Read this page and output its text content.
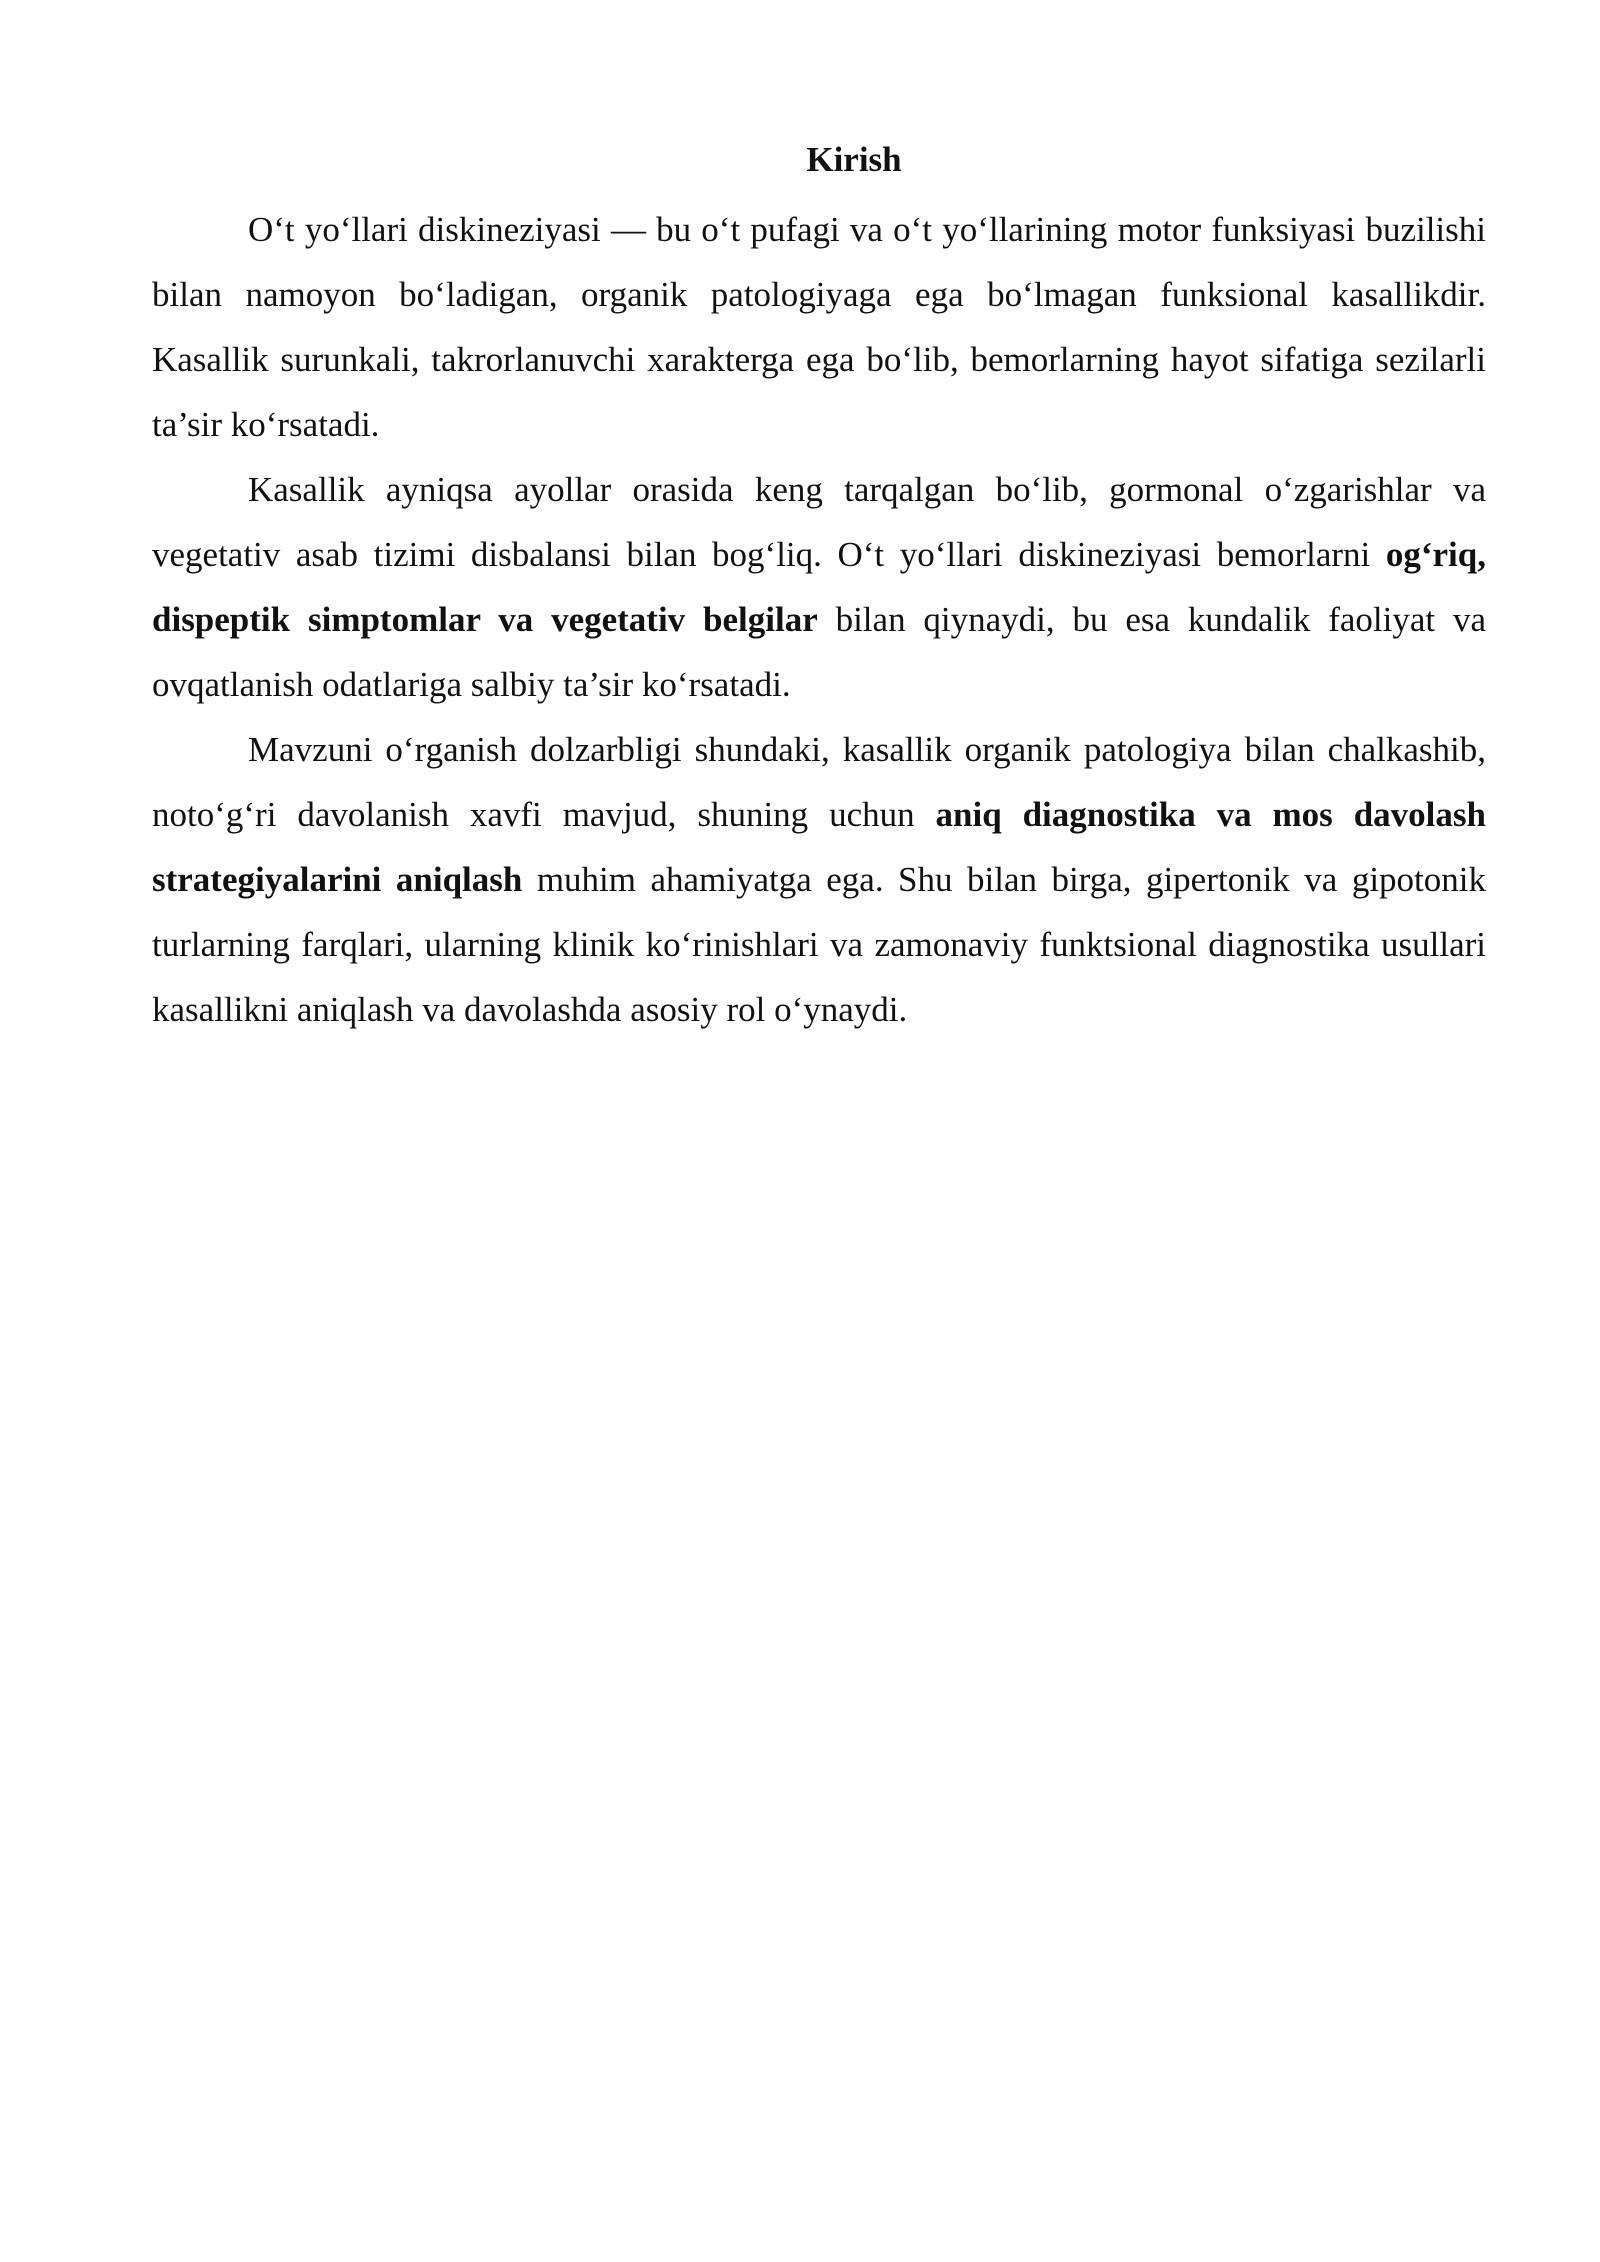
Kirish

O‘t yo‘llari diskineziyasi — bu o‘t pufagi va o‘t yo‘llarining motor funksiyasi buzilishi bilan namoyon bo‘ladigan, organik patologiyaga ega bo‘lmagan funksional kasallikdir. Kasallik surunkali, takrorlanuvchi xarakterga ega bo‘lib, bemorlarning hayot sifatiga sezilarli ta’sir ko‘rsatadi.

Kasallik ayniqsa ayollar orasida keng tarqalgan bo‘lib, gormonal o‘zgarishlar va vegetativ asab tizimi disbalansi bilan bog‘liq. O‘t yo‘llari diskineziyasi bemorlarni og‘riq, dispeptik simptomlar va vegetativ belgilar bilan qiynaydi, bu esa kundalik faoliyat va ovqatlanish odatlariga salbiy ta’sir ko‘rsatadi.

Mavzuni o‘rganish dolzarbligi shundaki, kasallik organik patologiya bilan chalkashib, noto‘g‘ri davolanish xavfi mavjud, shuning uchun aniq diagnostika va mos davolash strategiyalarini aniqlash muhim ahamiyatga ega. Shu bilan birga, gipertonik va gipotonik turlarning farqlari, ularning klinik ko‘rinishlari va zamonaviy funktsional diagnostika usullari kasallikni aniqlash va davolashda asosiy rol o‘ynaydi.
